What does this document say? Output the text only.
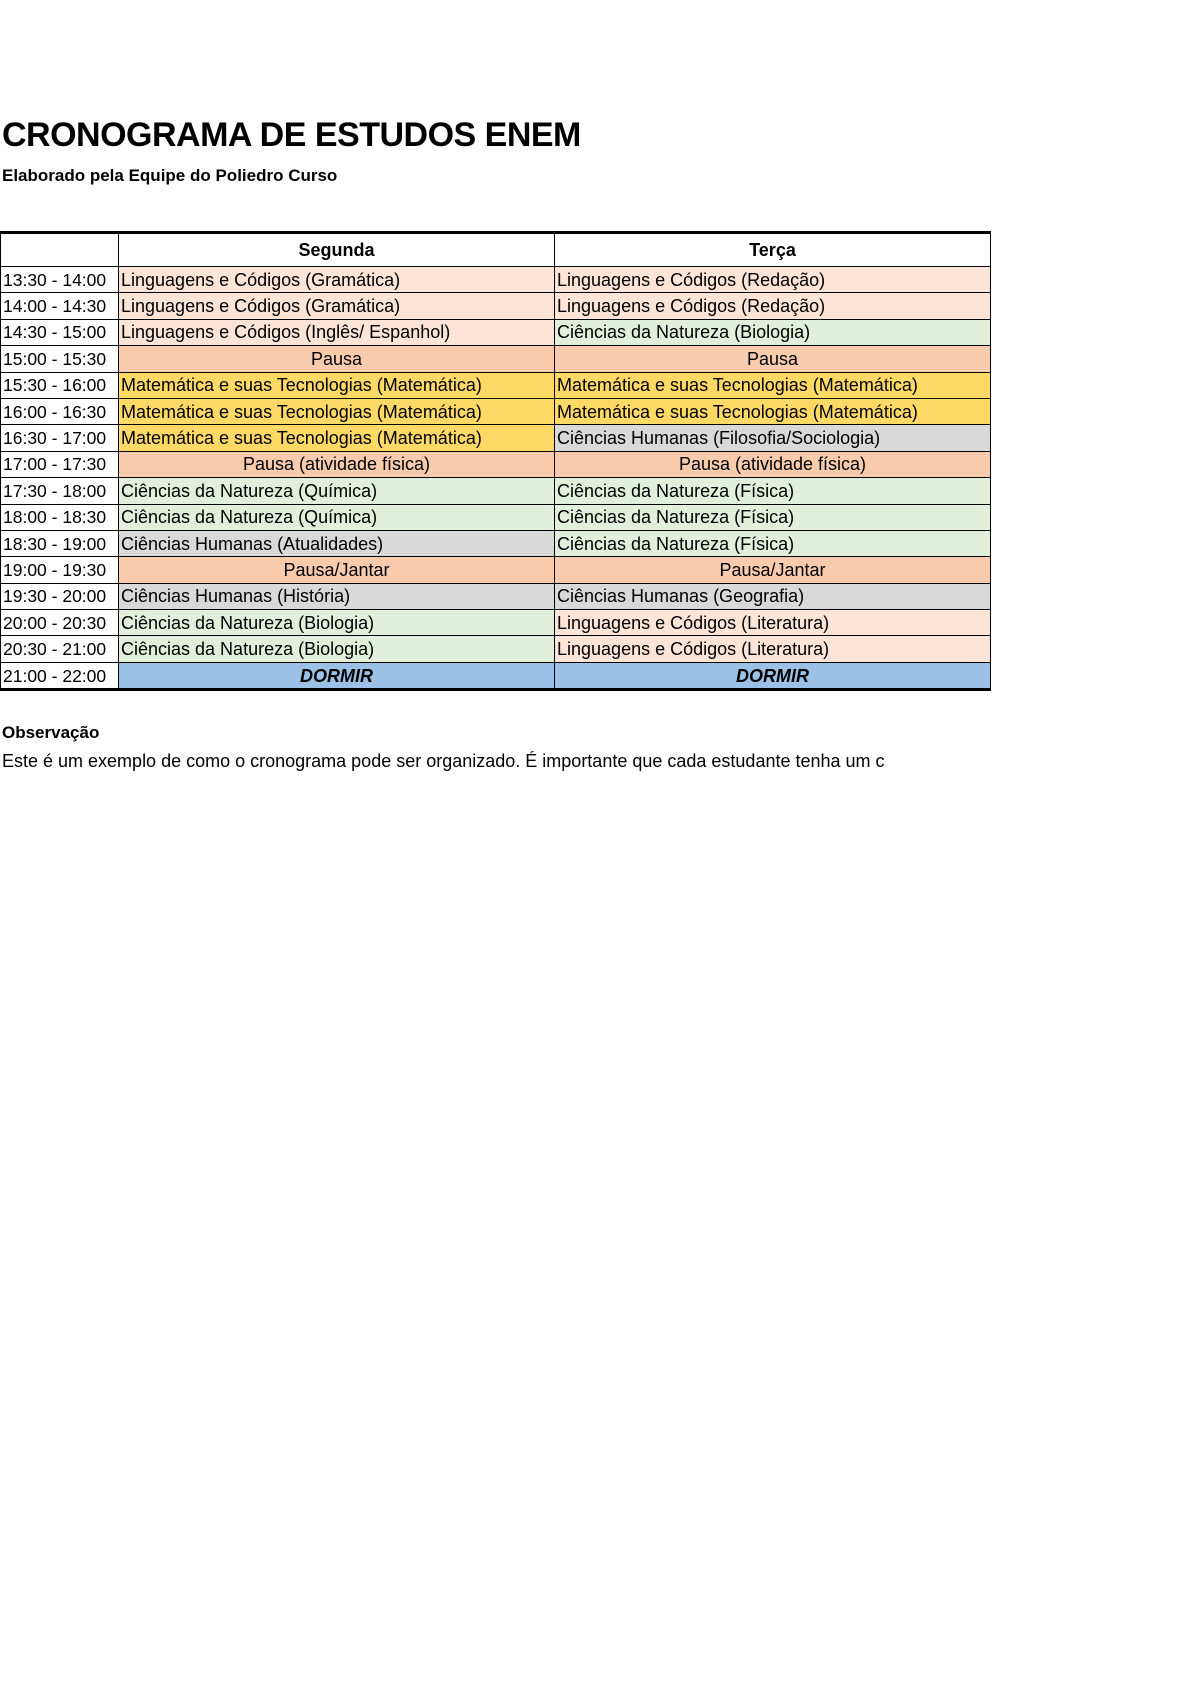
CRONOGRAMA DE ESTUDOS ENEM
Elaborado pela Equipe do Poliedro Curso
	Segunda	Terça
13:30 - 14:00	Linguagens e Códigos (Gramática)	Linguagens e Códigos (Redação)
14:00 - 14:30	Linguagens e Códigos (Gramática)	Linguagens e Códigos (Redação)
14:30 - 15:00	Linguagens e Códigos (Inglês/ Espanhol)	Ciências da Natureza (Biologia)
15:00 - 15:30	Pausa	Pausa
15:30 - 16:00	Matemática e suas Tecnologias (Matemática)	Matemática e suas Tecnologias (Matemática)
16:00 - 16:30	Matemática e suas Tecnologias (Matemática)	Matemática e suas Tecnologias (Matemática)
16:30 - 17:00	Matemática e suas Tecnologias (Matemática)	Ciências Humanas (Filosofia/Sociologia)
17:00 - 17:30	Pausa (atividade física)	Pausa (atividade física)
17:30 - 18:00	Ciências da Natureza (Química)	Ciências da Natureza (Física)
18:00 - 18:30	Ciências da Natureza (Química)	Ciências da Natureza (Física)
18:30 - 19:00	Ciências Humanas (Atualidades)	Ciências da Natureza (Física)
19:00 - 19:30	Pausa/Jantar	Pausa/Jantar
19:30 - 20:00	Ciências Humanas (História)	Ciências Humanas (Geografia)
20:00 - 20:30	Ciências da Natureza (Biologia)	Linguagens e Códigos (Literatura)
20:30 - 21:00	Ciências da Natureza (Biologia)	Linguagens e Códigos (Literatura)
21:00 - 22:00	DORMIR	DORMIR
Observação
Este é um exemplo de como o cronograma pode ser organizado. É importante que cada estudante tenha um c
